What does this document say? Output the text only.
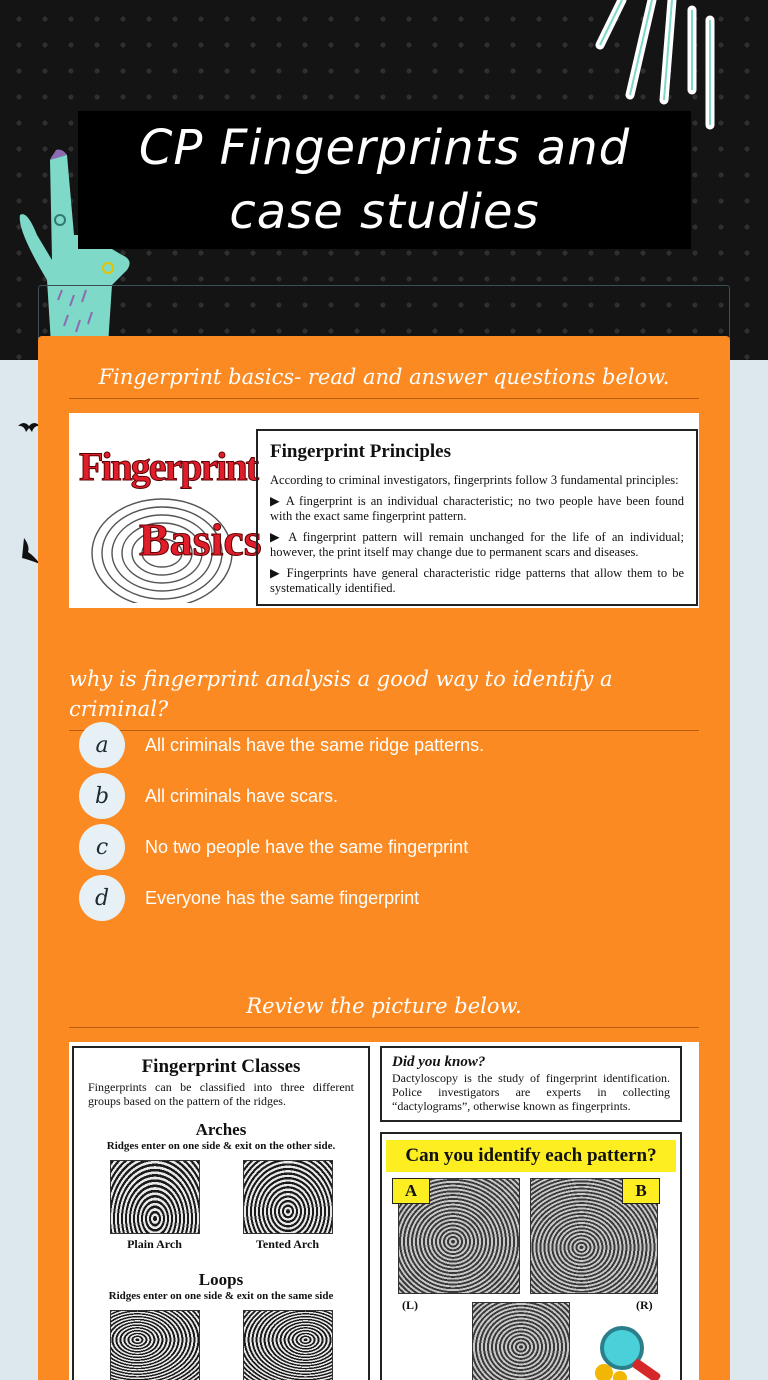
CP Fingerprints and case studies
Fingerprint basics- read and answer questions below.
Fingerprint
Basics
Fingerprint Principles

According to criminal investigators, fingerprints follow 3 fundamental principles:

▶ A fingerprint is an individual characteristic; no two people have been found with the exact same fingerprint pattern.

▶ A fingerprint pattern will remain unchanged for the life of an individual; however, the print itself may change due to permanent scars and diseases.

▶ Fingerprints have general characteristic ridge patterns that allow them to be systematically identified.

why is fingerprint analysis a good way to identify a criminal?
a	All criminals have the same ridge patterns.
b	All criminals have scars.
c	No two people have the same fingerprint
d	Everyone has the same fingerprint
Review the picture below.
Fingerprint Classes

Fingerprints can be classified into three different groups based on the pattern of the ridges.

Arches
Ridges enter on one side & exit on the other side.
Plain Arch	Tented Arch
Loops
Ridges enter on one side & exit on the same side
Did you know?

Dactyloscopy is the study of fingerprint identification. Police investigators are experts in collecting “dactylograms”, otherwise known as fingerprints.

Can you identify each pattern?
A	B
(L)	(R)
